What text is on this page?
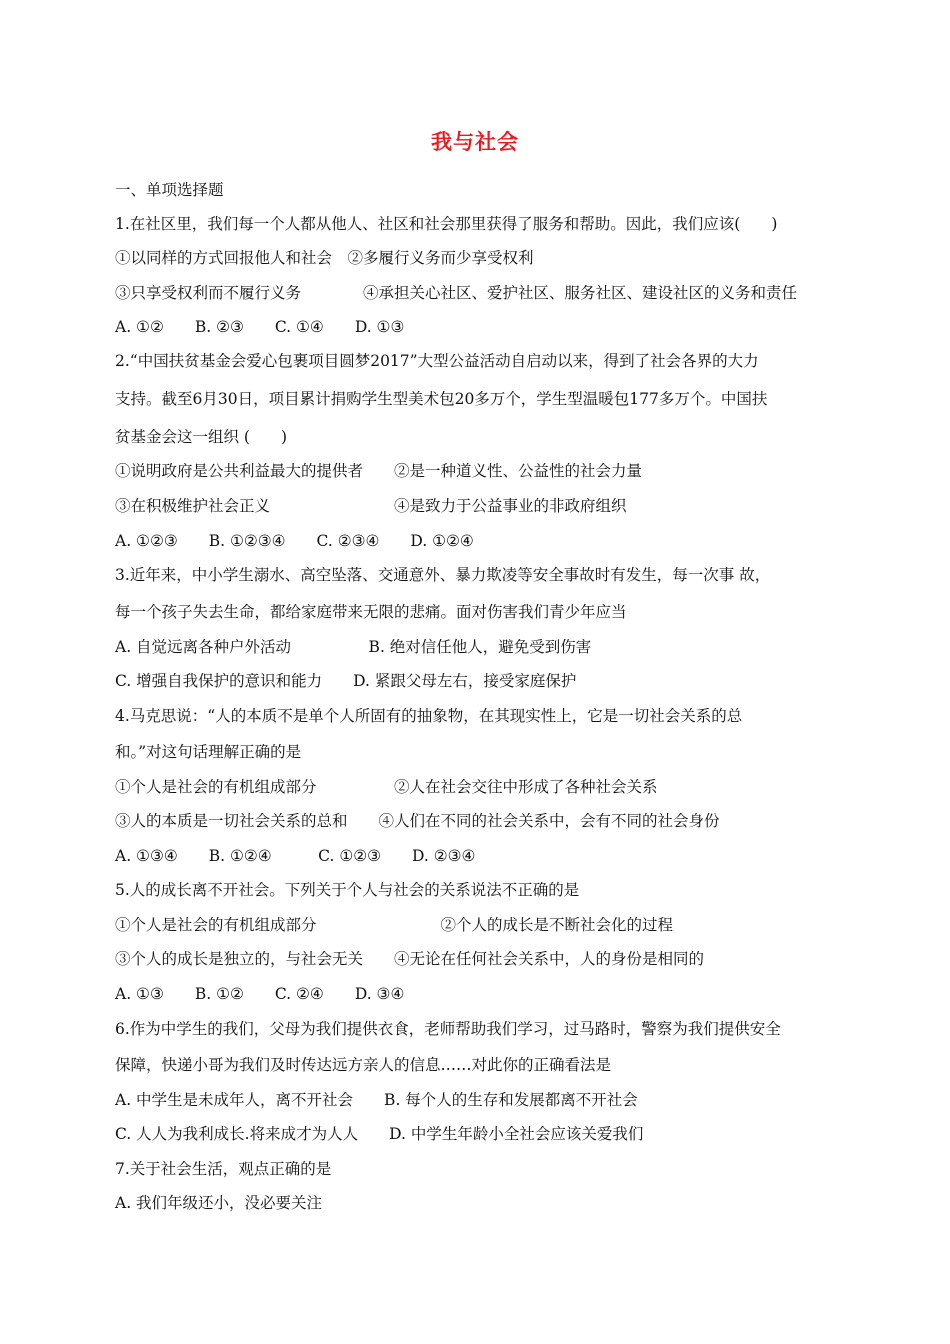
我与社会
一、单项选择题
1.在社区里，我们每一个人都从他人、社区和社会那里获得了服务和帮助。因此，我们应该(　　)
①以同样的方式回报他人和社会　②多履行义务而少享受权利
③只享受权利而不履行义务　　　　④承担关心社区、爱护社区、服务社区、建设社区的义务和责任
A. ①②　　B. ②③　　C. ①④　　D. ①③
2.“中国扶贫基金会爱心包裹项目圆梦2017”大型公益活动自启动以来，得到了社会各界的大力
支持。截至6月30日，项目累计捐购学生型美术包20多万个，学生型温暖包177多万个。中国扶
贫基金会这一组织 (　　)
①说明政府是公共利益最大的提供者　　②是一种道义性、公益性的社会力量
③在积极维护社会正义　　　　　　　　④是致力于公益事业的非政府组织
A. ①②③　　B. ①②③④　　C. ②③④　　D. ①②④
3.近年来，中小学生溺水、高空坠落、交通意外、暴力欺凌等安全事故时有发生，每一次事 故，
每一个孩子失去生命，都给家庭带来无限的悲痛。面对伤害我们青少年应当
A. 自觉远离各种户外活动　　　　　B. 绝对信任他人，避免受到伤害
C. 增强自我保护的意识和能力　　D. 紧跟父母左右，接受家庭保护
4.马克思说：“人的本质不是单个人所固有的抽象物，在其现实性上，它是一切社会关系的总
和。”对这句话理解正确的是
①个人是社会的有机组成部分　　　　　②人在社会交往中形成了各种社会关系
③人的本质是一切社会关系的总和　　④人们在不同的社会关系中，会有不同的社会身份
A. ①③④　　B. ①②④　　　C. ①②③　　D. ②③④
5.人的成长离不开社会。下列关于个人与社会的关系说法不正确的是
①个人是社会的有机组成部分　　　　　　　　②个人的成长是不断社会化的过程
③个人的成长是独立的，与社会无关　　④无论在任何社会关系中，人的身份是相同的
A. ①③　　B. ①②　　C. ②④　　D. ③④
6.作为中学生的我们，父母为我们提供衣食，老师帮助我们学习，过马路时，警察为我们提供安全
保障，快递小哥为我们及时传达远方亲人的信息……对此你的正确看法是
A. 中学生是未成年人，离不开社会　　B. 每个人的生存和发展都离不开社会
C. 人人为我利成长.将来成才为人人　　D. 中学生年龄小全社会应该关爱我们
7.关于社会生活，观点正确的是
A. 我们年级还小，没必要关注
